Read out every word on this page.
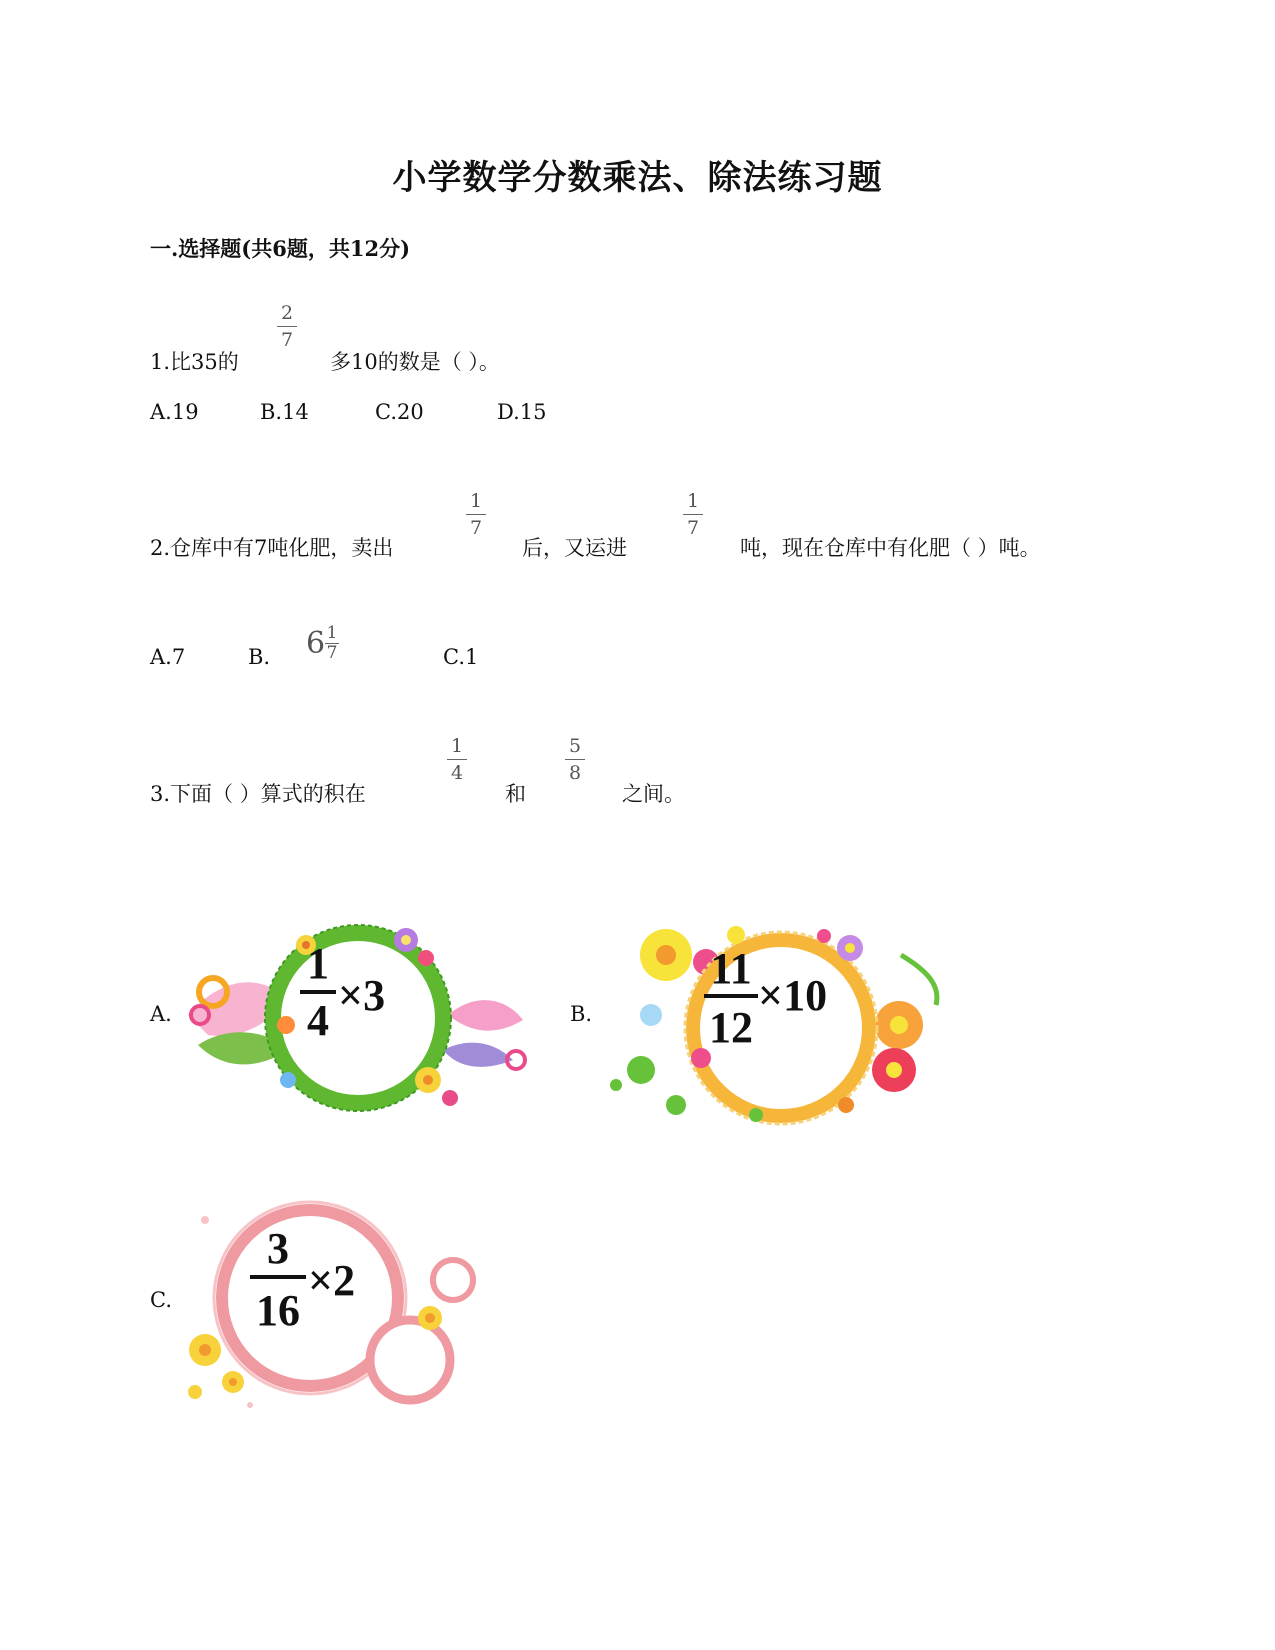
小学数学分数乘法、除法练习题
一.选择题(共6题，共12分)
1.比35的
2
7
多10的数是（ ）。
A.19	B.14	C.20	D.15
2.仓库中有7吨化肥，卖出
1
7
后，又运进
1
7
吨，现在仓库中有化肥（ ）吨。
A.7	B. $6\frac{1}{7}$	C.1
3.下面（ ）算式的积在
1
4
和
5
8
之间。
A.
1
4
×3	B.
11
12
×10
C.
3
16
×2
